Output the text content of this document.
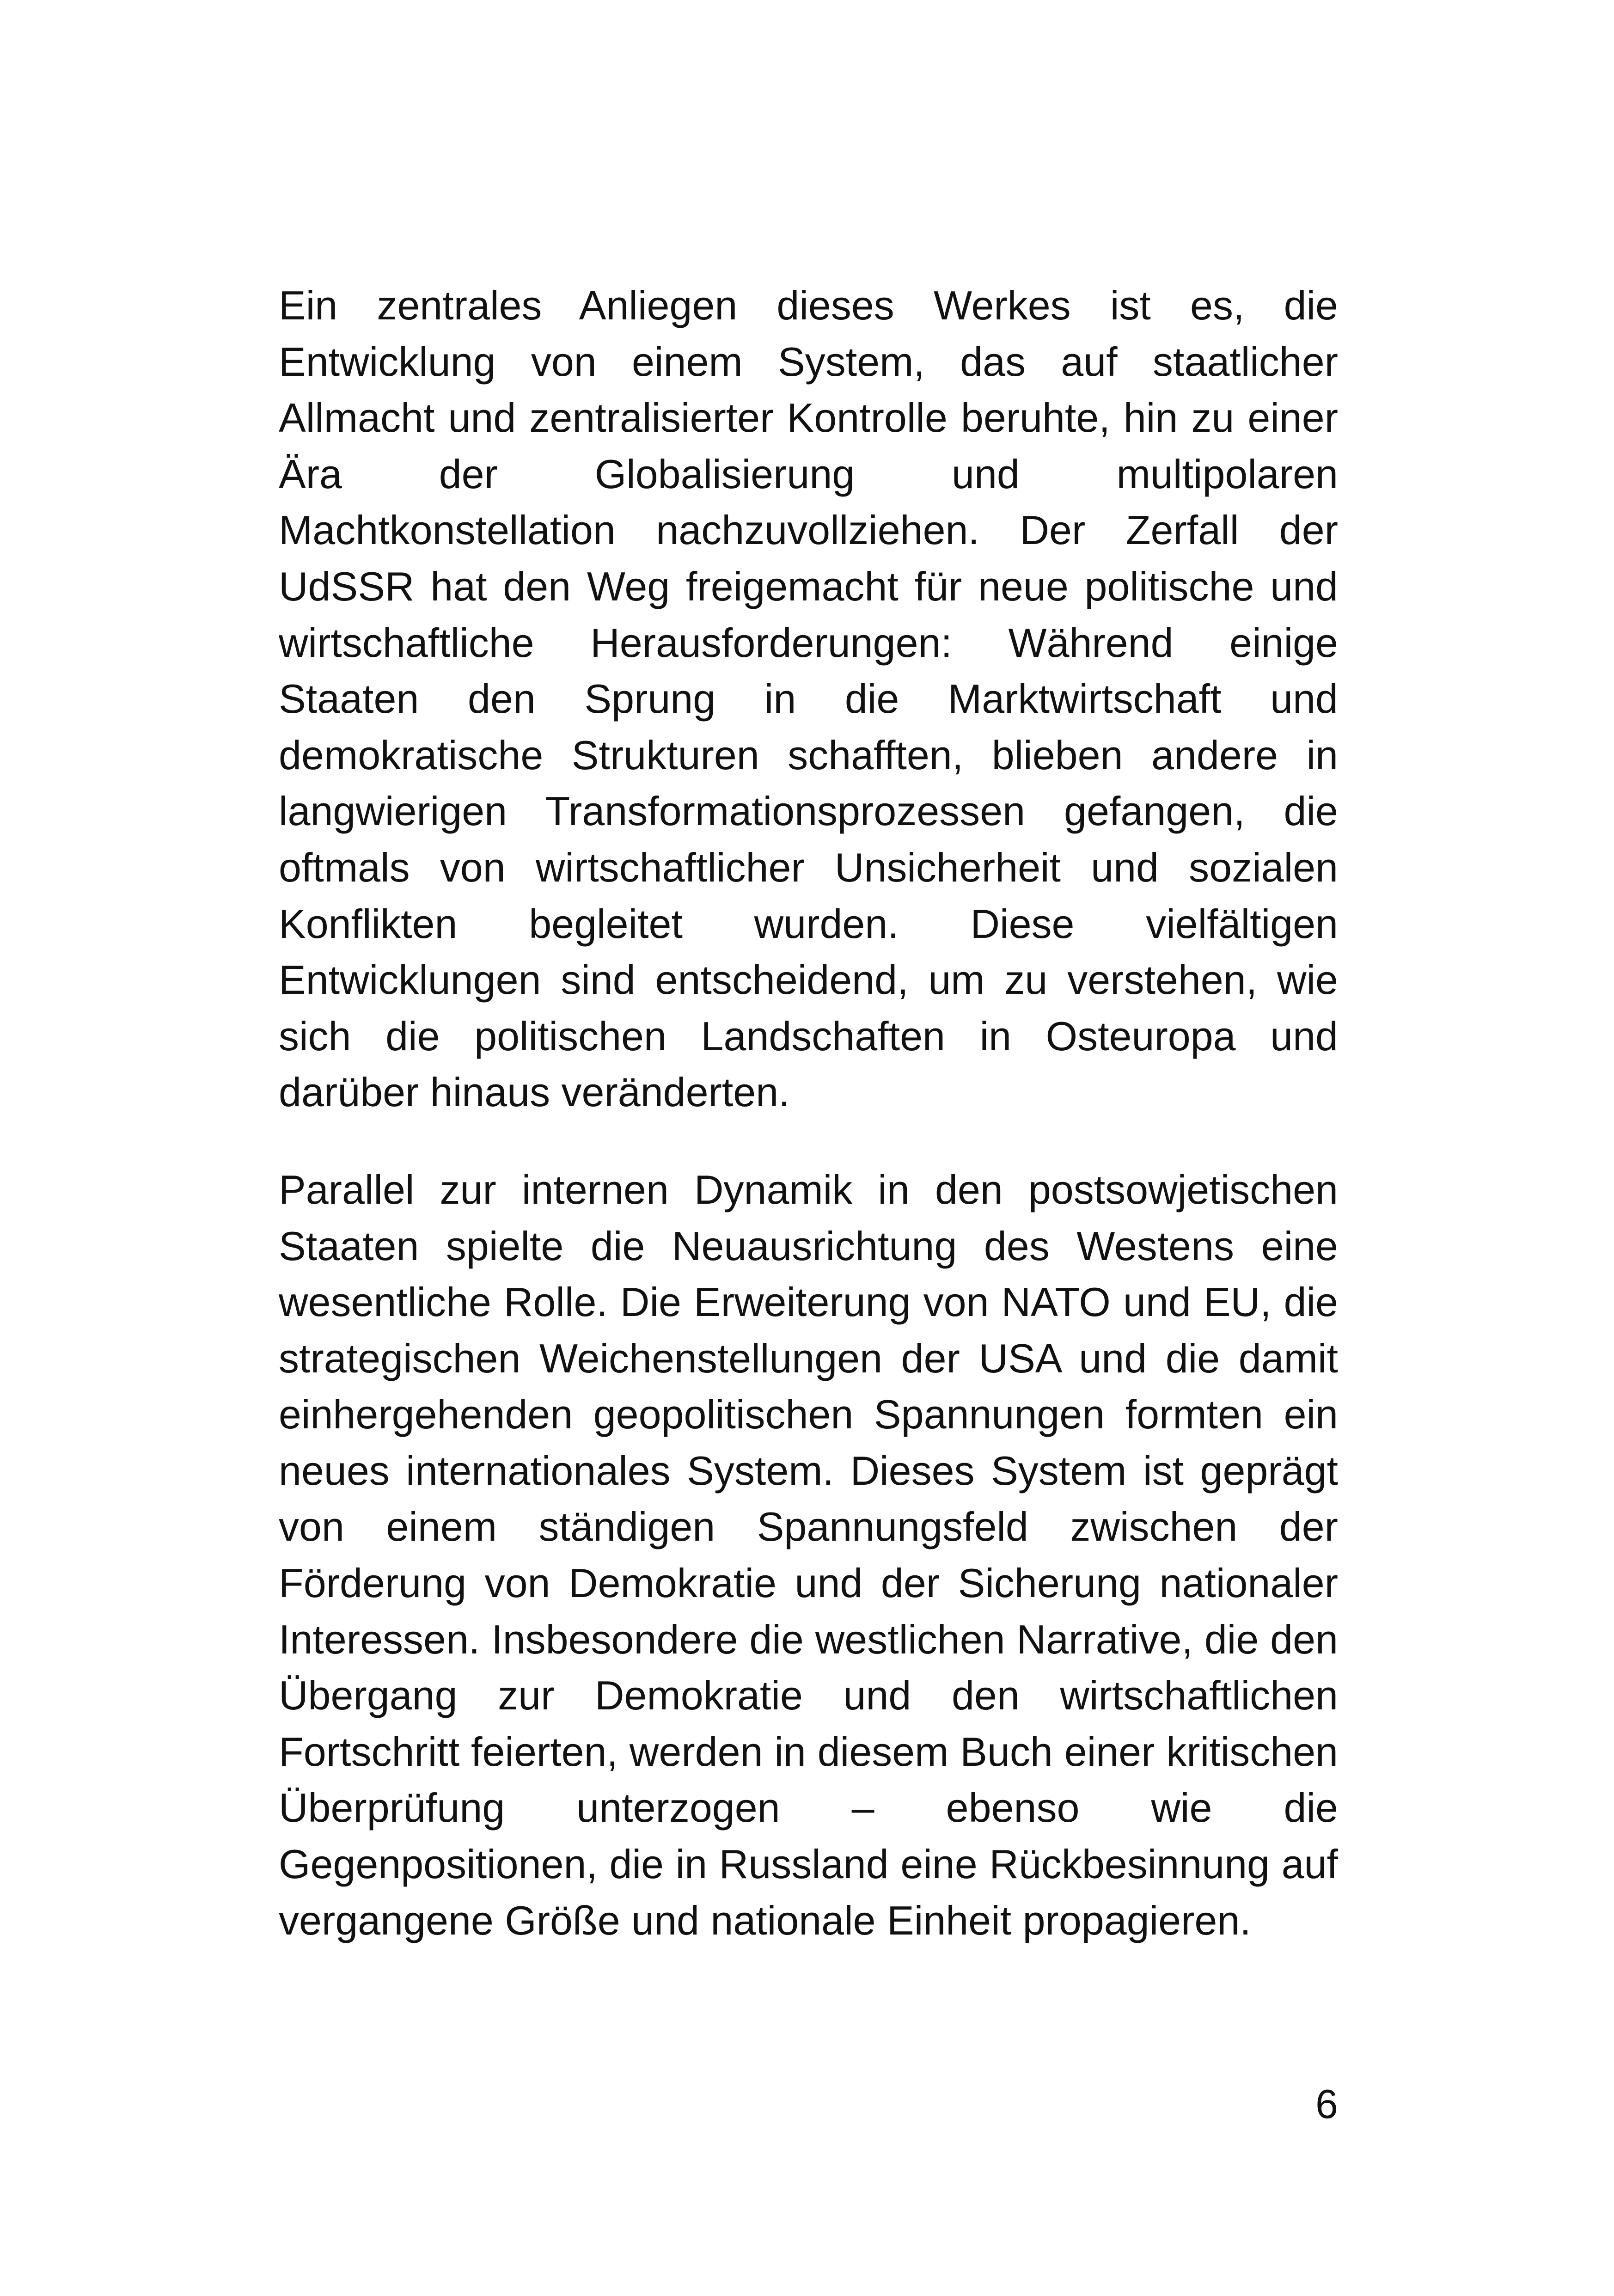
Ein zentrales Anliegen dieses Werkes ist es, die Entwicklung von einem System, das auf staatlicher Allmacht und zentralisierter Kontrolle beruhte, hin zu einer Ära der Globalisierung und multipolaren Machtkonstellation nachzuvollziehen. Der Zerfall der UdSSR hat den Weg freigemacht für neue politische und wirtschaftliche Herausforderungen: Während einige Staaten den Sprung in die Marktwirtschaft und demokratische Strukturen schafften, blieben andere in langwierigen Transformationsprozessen gefangen, die oftmals von wirtschaftlicher Unsicherheit und sozialen Konflikten begleitet wurden. Diese vielfältigen Entwicklungen sind entscheidend, um zu verstehen, wie sich die politischen Landschaften in Osteuropa und darüber hinaus veränderten.

Parallel zur internen Dynamik in den postsowjetischen Staaten spielte die Neuausrichtung des Westens eine wesentliche Rolle. Die Erweiterung von NATO und EU, die strategischen Weichenstellungen der USA und die damit einhergehenden geopolitischen Spannungen formten ein neues internationales System. Dieses System ist geprägt von einem ständigen Spannungsfeld zwischen der Förderung von Demokratie und der Sicherung nationaler Interessen. Insbesondere die westlichen Narrative, die den Übergang zur Demokratie und den wirtschaftlichen Fortschritt feierten, werden in diesem Buch einer kritischen Überprüfung unterzogen – ebenso wie die Gegenpositionen, die in Russland eine Rückbesinnung auf vergangene Größe und nationale Einheit propagieren.

6
